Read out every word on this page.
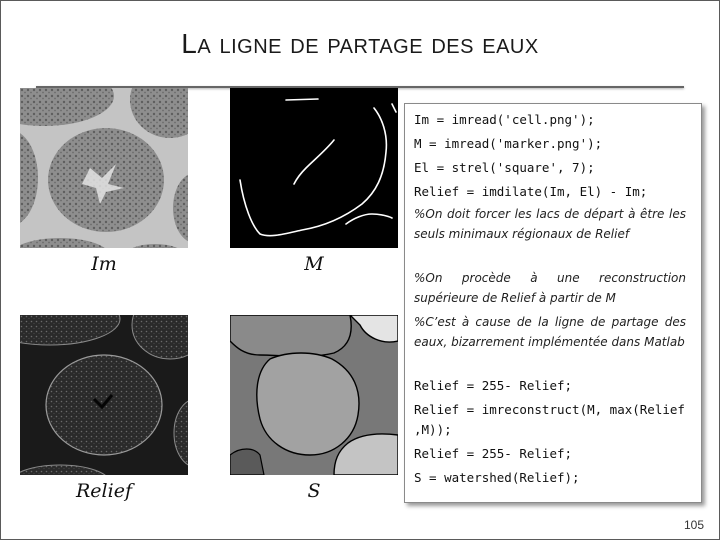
La ligne de partage des eaux
Im	M
Relief	S
Im = imread('cell.png');
M = imread('marker.png');
El = strel('square', 7);
Relief = imdilate(Im, El) - Im;
%On doit forcer les lacs de départ à être les seuls minimaux régionaux de Relief
%On procède à une reconstruction supérieure de Relief à partir de M
%C’est à cause de la ligne de partage des eaux, bizarrement implémentée dans Matlab
Relief = 255- Relief;
Relief = imreconstruct(M, max(Relief ,M));
Relief = 255- Relief;
S = watershed(Relief);
105
